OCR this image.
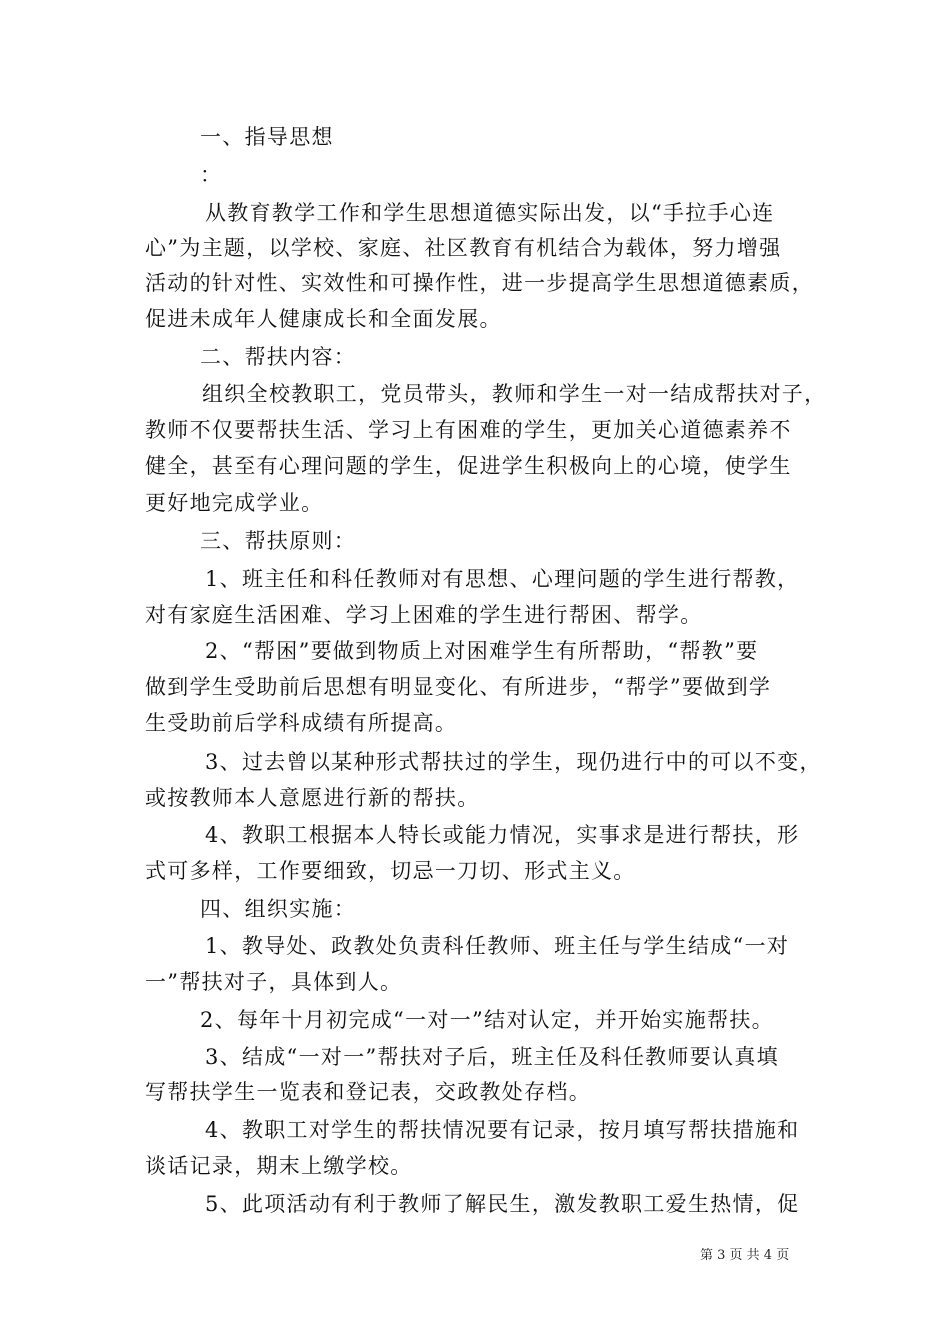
一、指导思想
：
从教育教学工作和学生思想道德实际出发，以“手拉手心连
心”为主题，以学校、家庭、社区教育有机结合为载体，努力增强
活动的针对性、实效性和可操作性，进一步提高学生思想道德素质，
促进未成年人健康成长和全面发展。
二、帮扶内容：
组织全校教职工，党员带头，教师和学生一对一结成帮扶对子，
教师不仅要帮扶生活、学习上有困难的学生，更加关心道德素养不
健全，甚至有心理问题的学生，促进学生积极向上的心境，使学生
更好地完成学业。
三、帮扶原则：
1、班主任和科任教师对有思想、心理问题的学生进行帮教，
对有家庭生活困难、学习上困难的学生进行帮困、帮学。
2、“帮困”要做到物质上对困难学生有所帮助，“帮教”要
做到学生受助前后思想有明显变化、有所进步，“帮学”要做到学
生受助前后学科成绩有所提高。
3、过去曾以某种形式帮扶过的学生，现仍进行中的可以不变，
或按教师本人意愿进行新的帮扶。
4、教职工根据本人特长或能力情况，实事求是进行帮扶，形
式可多样，工作要细致，切忌一刀切、形式主义。
四、组织实施：
1、教导处、政教处负责科任教师、班主任与学生结成“一对
一”帮扶对子，具体到人。
2、每年十月初完成“一对一”结对认定，并开始实施帮扶。
3、结成“一对一”帮扶对子后，班主任及科任教师要认真填
写帮扶学生一览表和登记表，交政教处存档。
4、教职工对学生的帮扶情况要有记录，按月填写帮扶措施和
谈话记录，期末上缴学校。
5、此项活动有利于教师了解民生，激发教职工爱生热情，促
第 3 页 共 4 页
